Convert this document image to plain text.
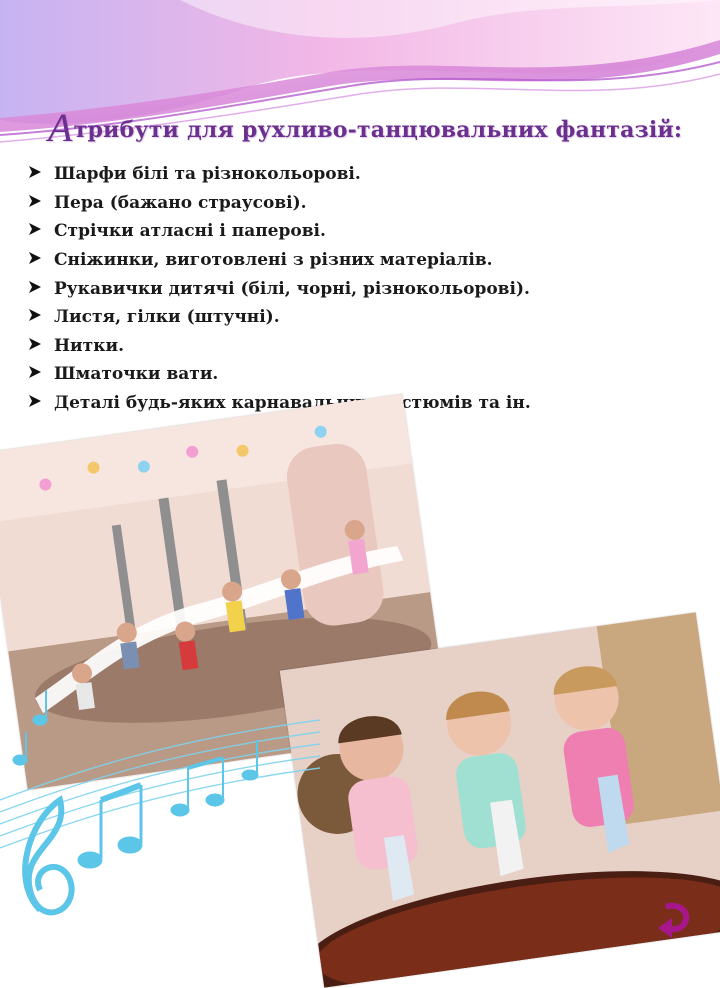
Атрибути для рухливо-танцювальних фантазій:
Шарфи білі та різнокольорові.
Пера (бажано страусові).
Стрічки атласні і паперові.
Сніжинки, виготовлені з різних матеріалів.
Рукавички дитячі (білі, чорні, різнокольорові).
Листя, гілки (штучні).
Нитки.
Шматочки вати.
Деталі будь-яких карнавальних костюмів та ін.
